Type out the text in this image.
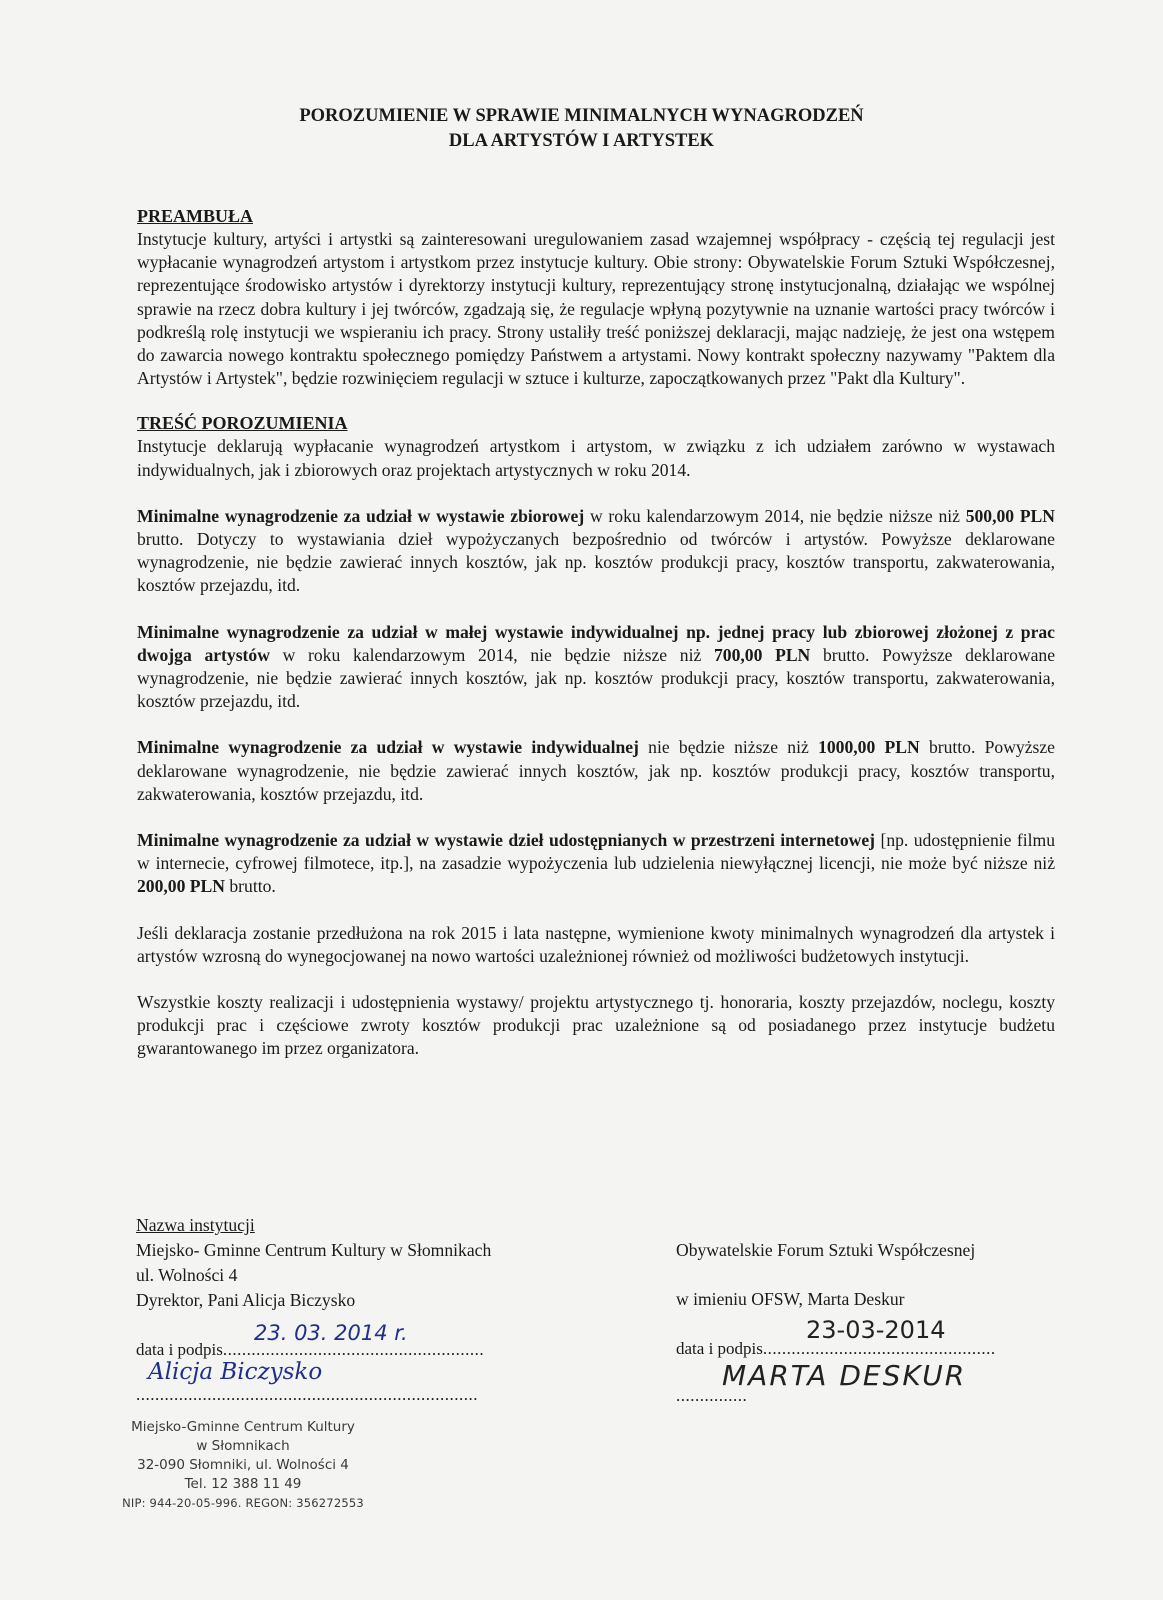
POROZUMIENIE W SPRAWIE MINIMALNYCH WYNAGRODZEŃ
DLA ARTYSTÓW I ARTYSTEK
PREAMBUŁA

Instytucje kultury, artyści i artystki są zainteresowani uregulowaniem zasad wzajemnej współpracy - częścią tej regulacji jest wypłacanie wynagrodzeń artystom i artystkom przez instytucje kultury. Obie strony: Obywatelskie Forum Sztuki Współczesnej, reprezentujące środowisko artystów i dyrektorzy instytucji kultury, reprezentujący stronę instytucjonalną, działając we wspólnej sprawie na rzecz dobra kultury i jej twórców, zgadzają się, że regulacje wpłyną pozytywnie na uznanie wartości pracy twórców i podkreślą rolę instytucji we wspieraniu ich pracy. Strony ustaliły treść poniższej deklaracji, mając nadzieję, że jest ona wstępem do zawarcia nowego kontraktu społecznego pomiędzy Państwem a artystami. Nowy kontrakt społeczny nazywamy "Paktem dla Artystów i Artystek", będzie rozwinięciem regulacji w sztuce i kulturze, zapoczątkowanych przez "Pakt dla Kultury".

TREŚĆ POROZUMIENIA

Instytucje deklarują wypłacanie wynagrodzeń artystkom i artystom, w związku z ich udziałem zarówno w wystawach indywidualnych, jak i zbiorowych oraz projektach artystycznych w roku 2014.

Minimalne wynagrodzenie za udział w wystawie zbiorowej w roku kalendarzowym 2014, nie będzie niższe niż 500,00 PLN brutto. Dotyczy to wystawiania dzieł wypożyczanych bezpośrednio od twórców i artystów. Powyższe deklarowane wynagrodzenie, nie będzie zawierać innych kosztów, jak np. kosztów produkcji pracy, kosztów transportu, zakwaterowania, kosztów przejazdu, itd.

Minimalne wynagrodzenie za udział w małej wystawie indywidualnej np. jednej pracy lub zbiorowej złożonej z prac dwojga artystów w roku kalendarzowym 2014, nie będzie niższe niż 700,00 PLN brutto. Powyższe deklarowane wynagrodzenie, nie będzie zawierać innych kosztów, jak np. kosztów produkcji pracy, kosztów transportu, zakwaterowania, kosztów przejazdu, itd.

Minimalne wynagrodzenie za udział w wystawie indywidualnej nie będzie niższe niż 1000,00 PLN brutto. Powyższe deklarowane wynagrodzenie, nie będzie zawierać innych kosztów, jak np. kosztów produkcji pracy, kosztów transportu, zakwaterowania, kosztów przejazdu, itd.

Minimalne wynagrodzenie za udział w wystawie dzieł udostępnianych w przestrzeni internetowej [np. udostępnienie filmu w internecie, cyfrowej filmotece, itp.], na zasadzie wypożyczenia lub udzielenia niewyłącznej licencji, nie może być niższe niż 200,00 PLN brutto.

Jeśli deklaracja zostanie przedłużona na rok 2015 i lata następne, wymienione kwoty minimalnych wynagrodzeń dla artystek i artystów wzrosną do wynegocjowanej na nowo wartości uzależnionej również od możliwości budżetowych instytucji.

Wszystkie koszty realizacji i udostępnienia wystawy/ projektu artystycznego tj. honoraria, koszty przejazdów, noclegu, koszty produkcji prac i częściowe zwroty kosztów produkcji prac uzależnione są od posiadanego przez instytucje budżetu gwarantowanego im przez organizatora.

Nazwa instytucji
Miejsko- Gminne Centrum Kultury w Słomnikach
ul. Wolności 4
Dyrektor, Pani Alicja Biczysko
data i podpis.......................................................
23. 03. 2014 r.
........................................................................
Alicja Biczysko
Obywatelskie Forum Sztuki Współczesnej
w imieniu OFSW, Marta Deskur
data i podpis.................................................
23-03-2014
...............
MARTA DESKUR
Miejsko-Gminne Centrum Kultury
w Słomnikach
32-090 Słomniki, ul. Wolności 4
Tel. 12 388 11 49
NIP: 944-20-05-996. REGON: 356272553
